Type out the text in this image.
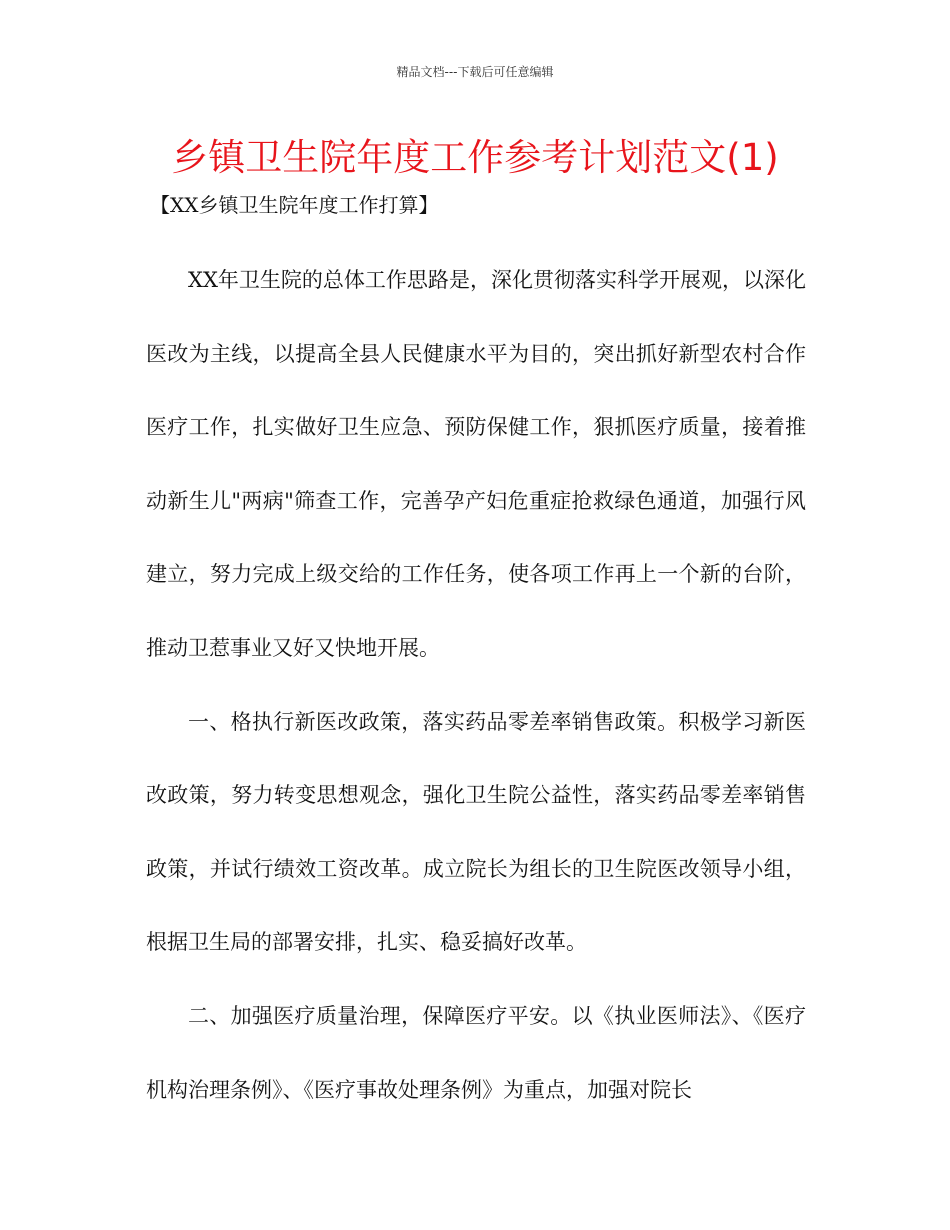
精品文档---下载后可任意编辑
乡镇卫生院年度工作参考计划范文(1)
【XX乡镇卫生院年度工作打算】

XX年卫生院的总体工作思路是，深化贯彻落实科学开展观，以深化医改为主线，以提高全县人民健康水平为目的，突出抓好新型农村合作医疗工作，扎实做好卫生应急、预防保健工作，狠抓医疗质量，接着推动新生儿"两病"筛查工作，完善孕产妇危重症抢救绿色通道，加强行风建立，努力完成上级交给的工作任务，使各项工作再上一个新的台阶，推动卫惹事业又好又快地开展。

一、格执行新医改政策，落实药品零差率销售政策。积极学习新医改政策，努力转变思想观念，强化卫生院公益性，落实药品零差率销售政策，并试行绩效工资改革。成立院长为组长的卫生院医改领导小组，根据卫生局的部署安排，扎实、稳妥搞好改革。

二、加强医疗质量治理，保障医疗平安。以《执业医师法》、《医疗机构治理条例》、《医疗事故处理条例》为重点，加强对院长
